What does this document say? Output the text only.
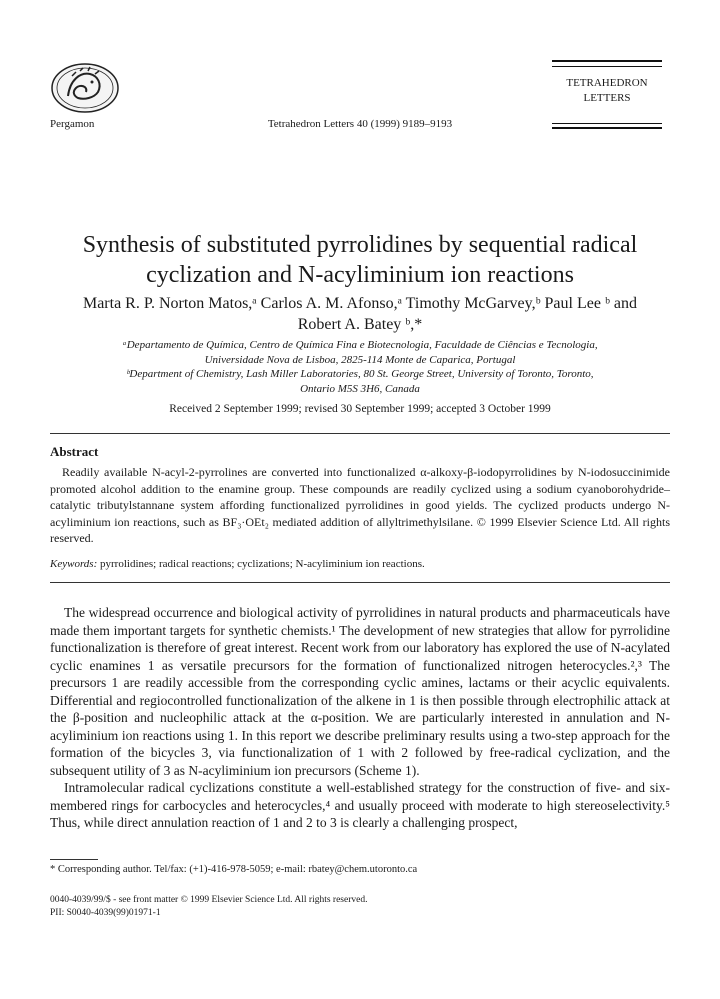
Pergamon	Tetrahedron Letters 40 (1999) 9189–9193
TETRAHEDRON
LETTERS
Synthesis of substituted pyrrolidines by sequential radical
cyclization and N-acyliminium ion reactions
Marta R. P. Norton Matos,ᵃ Carlos A. M. Afonso,ᵃ Timothy McGarvey,ᵇ Paul Lee ᵇ and
Robert A. Batey ᵇ,*
ᵃDepartamento de Química, Centro de Química Fina e Biotecnologia, Faculdade de Ciências e Tecnologia,
Universidade Nova de Lisboa, 2825-114 Monte de Caparica, Portugal
ᵇDepartment of Chemistry, Lash Miller Laboratories, 80 St. George Street, University of Toronto, Toronto,
Ontario M5S 3H6, Canada
Received 2 September 1999; revised 30 September 1999; accepted 3 October 1999
Abstract
Readily available N-acyl-2-pyrrolines are converted into functionalized α-alkoxy-β-iodopyrrolidines by N-iodosuccinimide promoted alcohol addition to the enamine group. These compounds are readily cyclized using a sodium cyanoborohydride–catalytic tributylstannane system affording functionalized pyrrolidines in good yields. The cyclized products undergo N-acyliminium ion reactions, such as BF₃·OEt₂ mediated addition of allyltrimethylsilane. © 1999 Elsevier Science Ltd. All rights reserved.
Keywords: pyrrolidines; radical reactions; cyclizations; N-acyliminium ion reactions.

The widespread occurrence and biological activity of pyrrolidines in natural products and pharmaceuticals have made them important targets for synthetic chemists.¹ The development of new strategies that allow for pyrrolidine functionalization is therefore of great interest. Recent work from our laboratory has explored the use of N-acylated cyclic enamines 1 as versatile precursors for the formation of functionalized nitrogen heterocycles.²,³ The precursors 1 are readily accessible from the corresponding cyclic amines, lactams or their acyclic equivalents. Differential and regiocontrolled functionalization of the alkene in 1 is then possible through electrophilic attack at the β-position and nucleophilic attack at the α-position. We are particularly interested in annulation and N-acyliminium ion reactions using 1. In this report we describe preliminary results using a two-step approach for the formation of the bicycles 3, via functionalization of 1 with 2 followed by free-radical cyclization, and the subsequent utility of 3 as N-acyliminium ion precursors (Scheme 1).

Intramolecular radical cyclizations constitute a well-established strategy for the construction of five- and six-membered rings for carbocycles and heterocycles,⁴ and usually proceed with moderate to high stereoselectivity.⁵ Thus, while direct annulation reaction of 1 and 2 to 3 is clearly a challenging prospect,

* Corresponding author. Tel/fax: (+1)-416-978-5059; e-mail: rbatey@chem.utoronto.ca
0040-4039/99/$ - see front matter © 1999 Elsevier Science Ltd. All rights reserved.
PII: S0040-4039(99)01971-1
